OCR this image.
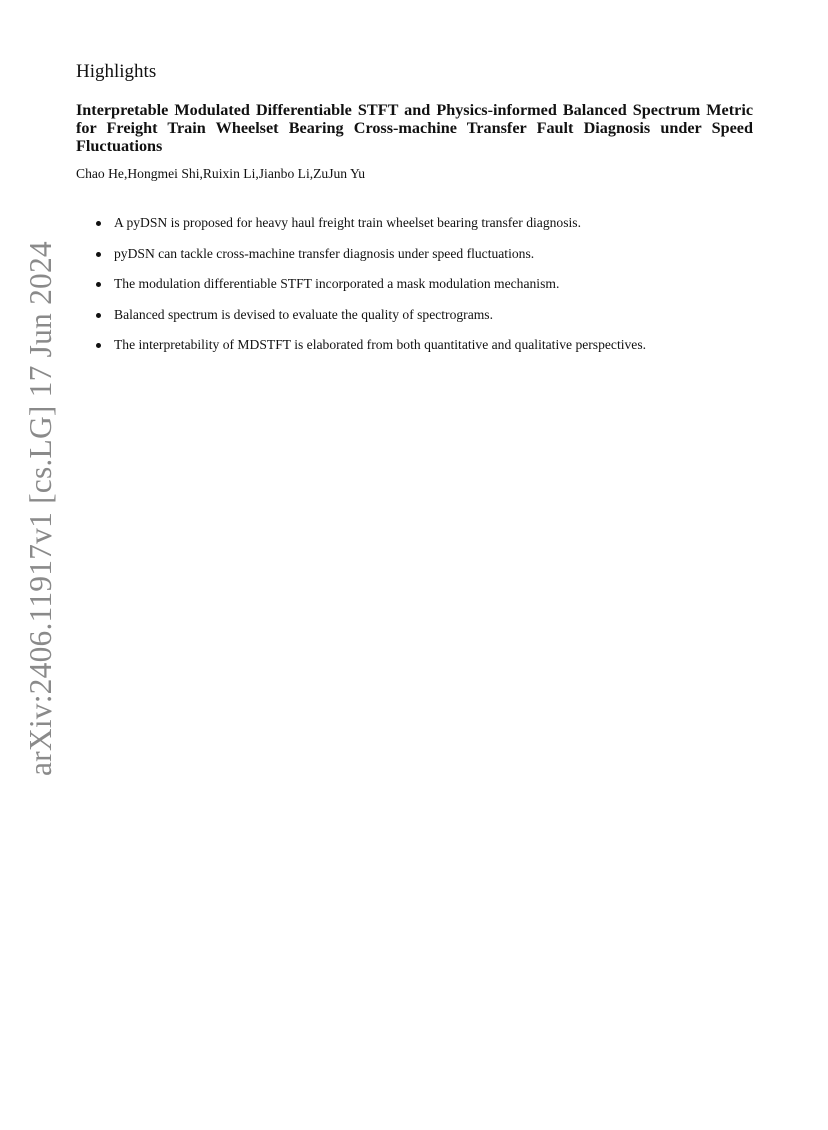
arXiv:2406.11917v1 [cs.LG] 17 Jun 2024
Highlights
Interpretable Modulated Differentiable STFT and Physics-informed Balanced Spectrum Metric for Freight Train Wheelset Bearing Cross-machine Transfer Fault Diagnosis under Speed Fluctuations

Chao He,Hongmei Shi,Ruixin Li,Jianbo Li,ZuJun Yu

A pyDSN is proposed for heavy haul freight train wheelset bearing transfer diagnosis.
pyDSN can tackle cross-machine transfer diagnosis under speed fluctuations.
The modulation differentiable STFT incorporated a mask modulation mechanism.
Balanced spectrum is devised to evaluate the quality of spectrograms.
The interpretability of MDSTFT is elaborated from both quantitative and qualitative perspectives.
